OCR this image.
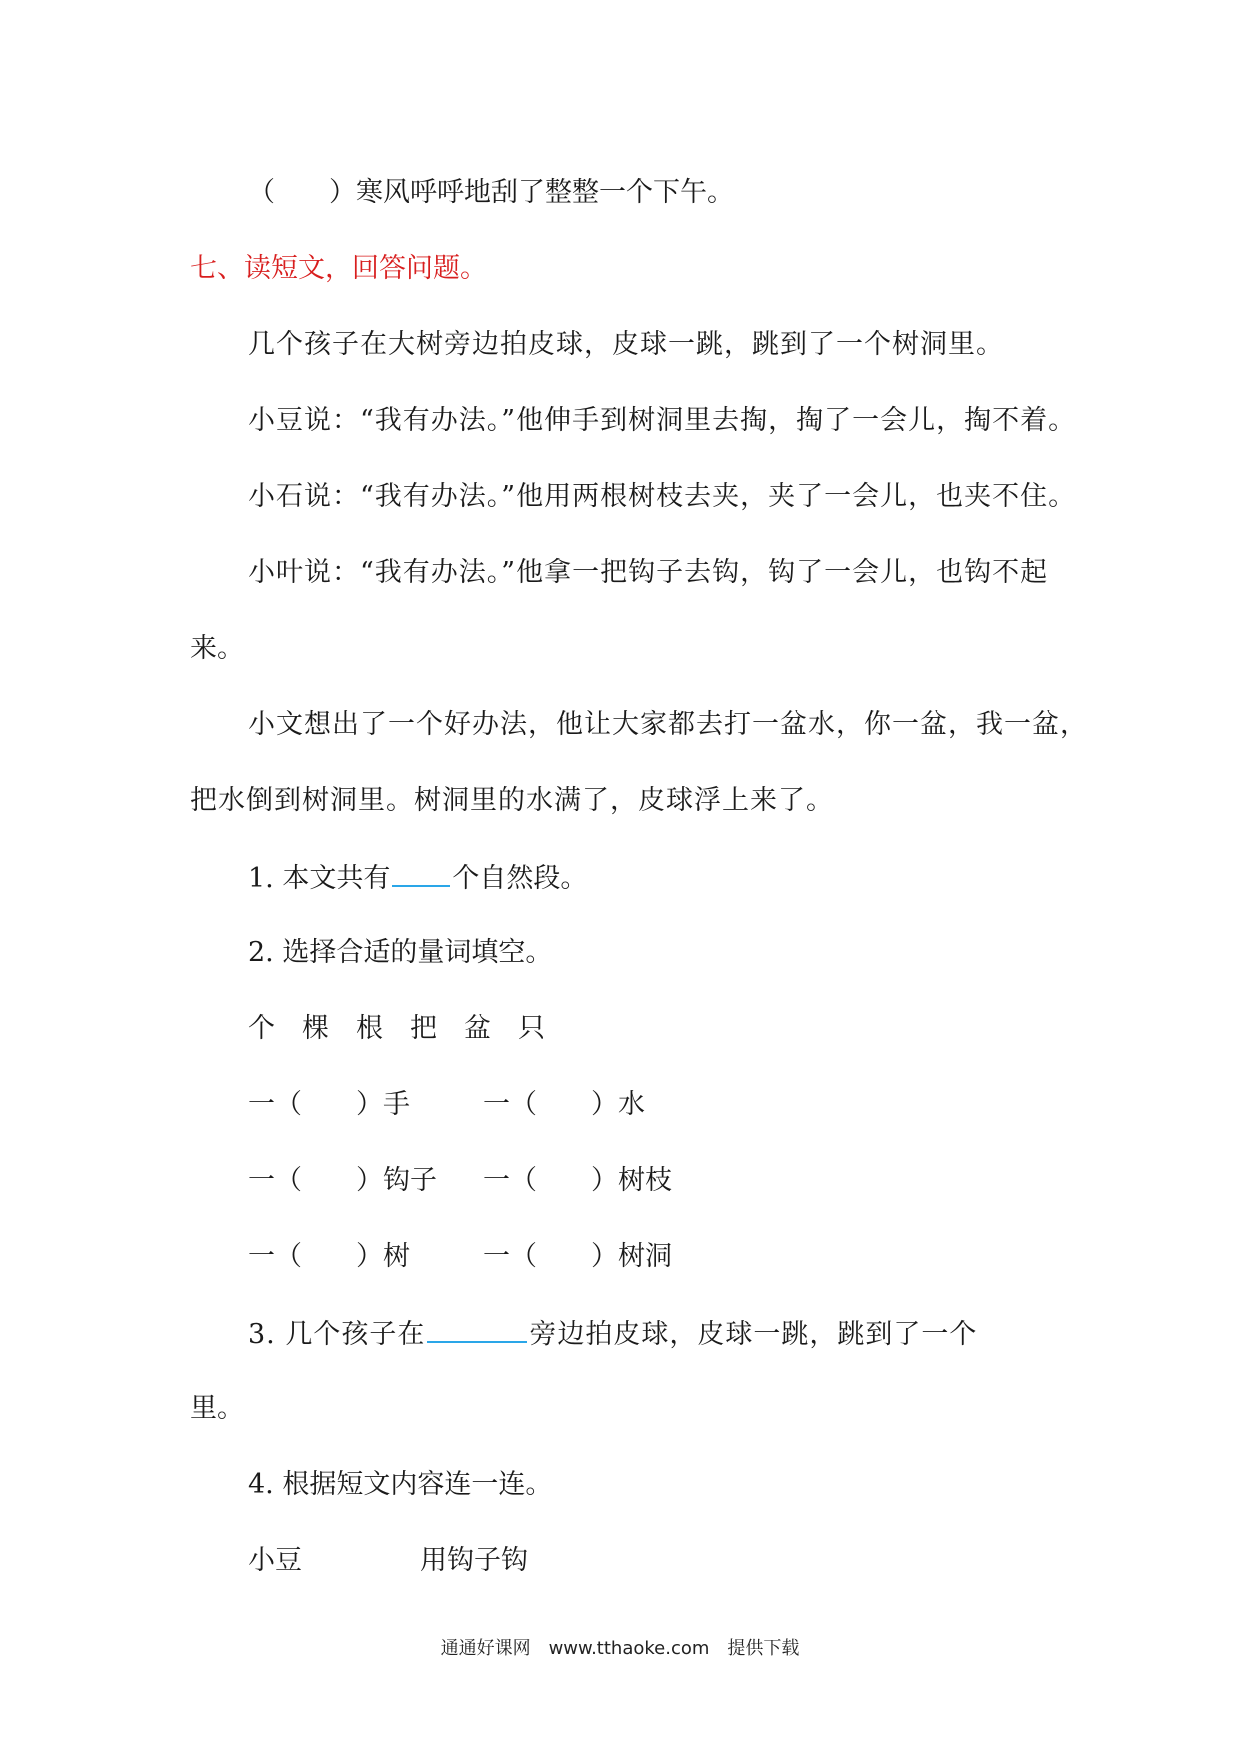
（　　）寒风呼呼地刮了整整一个下午。
七、读短文，回答问题。
几个孩子在大树旁边拍皮球，皮球一跳，跳到了一个树洞里。
小豆说：“我有办法。”他伸手到树洞里去掏，掏了一会儿，掏不着。
小石说：“我有办法。”他用两根树枝去夹，夹了一会儿，也夹不住。
小叶说：“我有办法。”他拿一把钩子去钩，钩了一会儿，也钩不起
来。
小文想出了一个好办法，他让大家都去打一盆水，你一盆，我一盆，
把水倒到树洞里。树洞里的水满了，皮球浮上来了。
1. 本文共有 个自然段。
2. 选择合适的量词填空。
个　棵　根　把　盆　只
一（　　）手	一（　　）水
一（　　）钩子 一（　　）树枝
一（　　）树	一（　　）树洞
3. 几个孩子在	旁边拍皮球，皮球一跳，跳到了一个
里。
4. 根据短文内容连一连。
小豆	用钩子钩
通通好课网　www.tthaoke.com　提供下载
